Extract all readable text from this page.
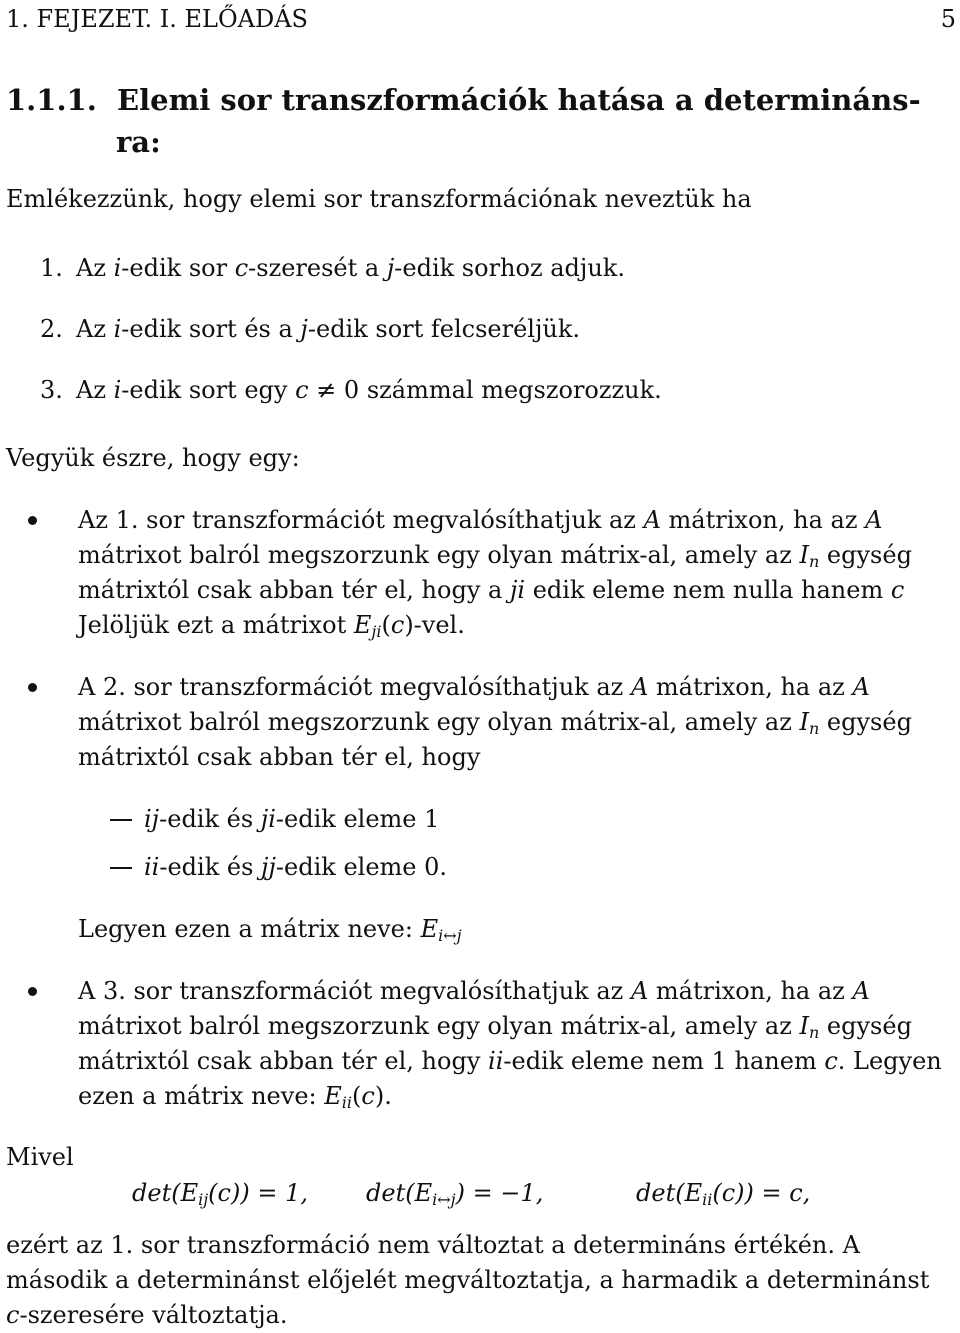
1. FEJEZET. I. ELŐADÁS	5
1.1.1. Elemi sor transzformációk hatása a determináns-
ra:
Emlékezzünk, hogy elemi sor transzformációnak neveztük ha
1. Az i-edik sor c-szeresét a j-edik sorhoz adjuk.
2. Az i-edik sort és a j-edik sort felcseréljük.
3. Az i-edik sort egy c ≠ 0 számmal megszorozzuk.
Vegyük észre, hogy egy:
Az 1. sor transzformációt megvalósíthatjuk az A mátrixon, ha az A
mátrixot balról megszorzunk egy olyan mátrix-al, amely az $I_n$ egység
mátrixtól csak abban tér el, hogy a ji edik eleme nem nulla hanem c
Jelöljük ezt a mátrixot $E_{ji}(c)$-vel.
A 2. sor transzformációt megvalósíthatjuk az A mátrixon, ha az A
mátrixot balról megszorzunk egy olyan mátrix-al, amely az $I_n$ egység
mátrixtól csak abban tér el, hogy
ij-edik és ji-edik eleme 1
ii-edik és jj-edik eleme 0.
Legyen ezen a mátrix neve: $E_{i\leftrightarrow j}$
A 3. sor transzformációt megvalósíthatjuk az A mátrixon, ha az A
mátrixot balról megszorzunk egy olyan mátrix-al, amely az $I_n$ egység
mátrixtól csak abban tér el, hogy ii-edik eleme nem 1 hanem c. Legyen
ezen a mátrix neve: $E_{ii}(c)$.
Mivel
$\det(E_{ij}(c)) = 1$, $\det(E_{i\leftrightarrow j}) = -1$,	$\det(E_{ii}(c)) = c$,
ezért az 1. sor transzformáció nem változtat a determináns értékén. A
második a determinánst előjelét megváltoztatja, a harmadik a determinánst
c-szeresére változtatja.
